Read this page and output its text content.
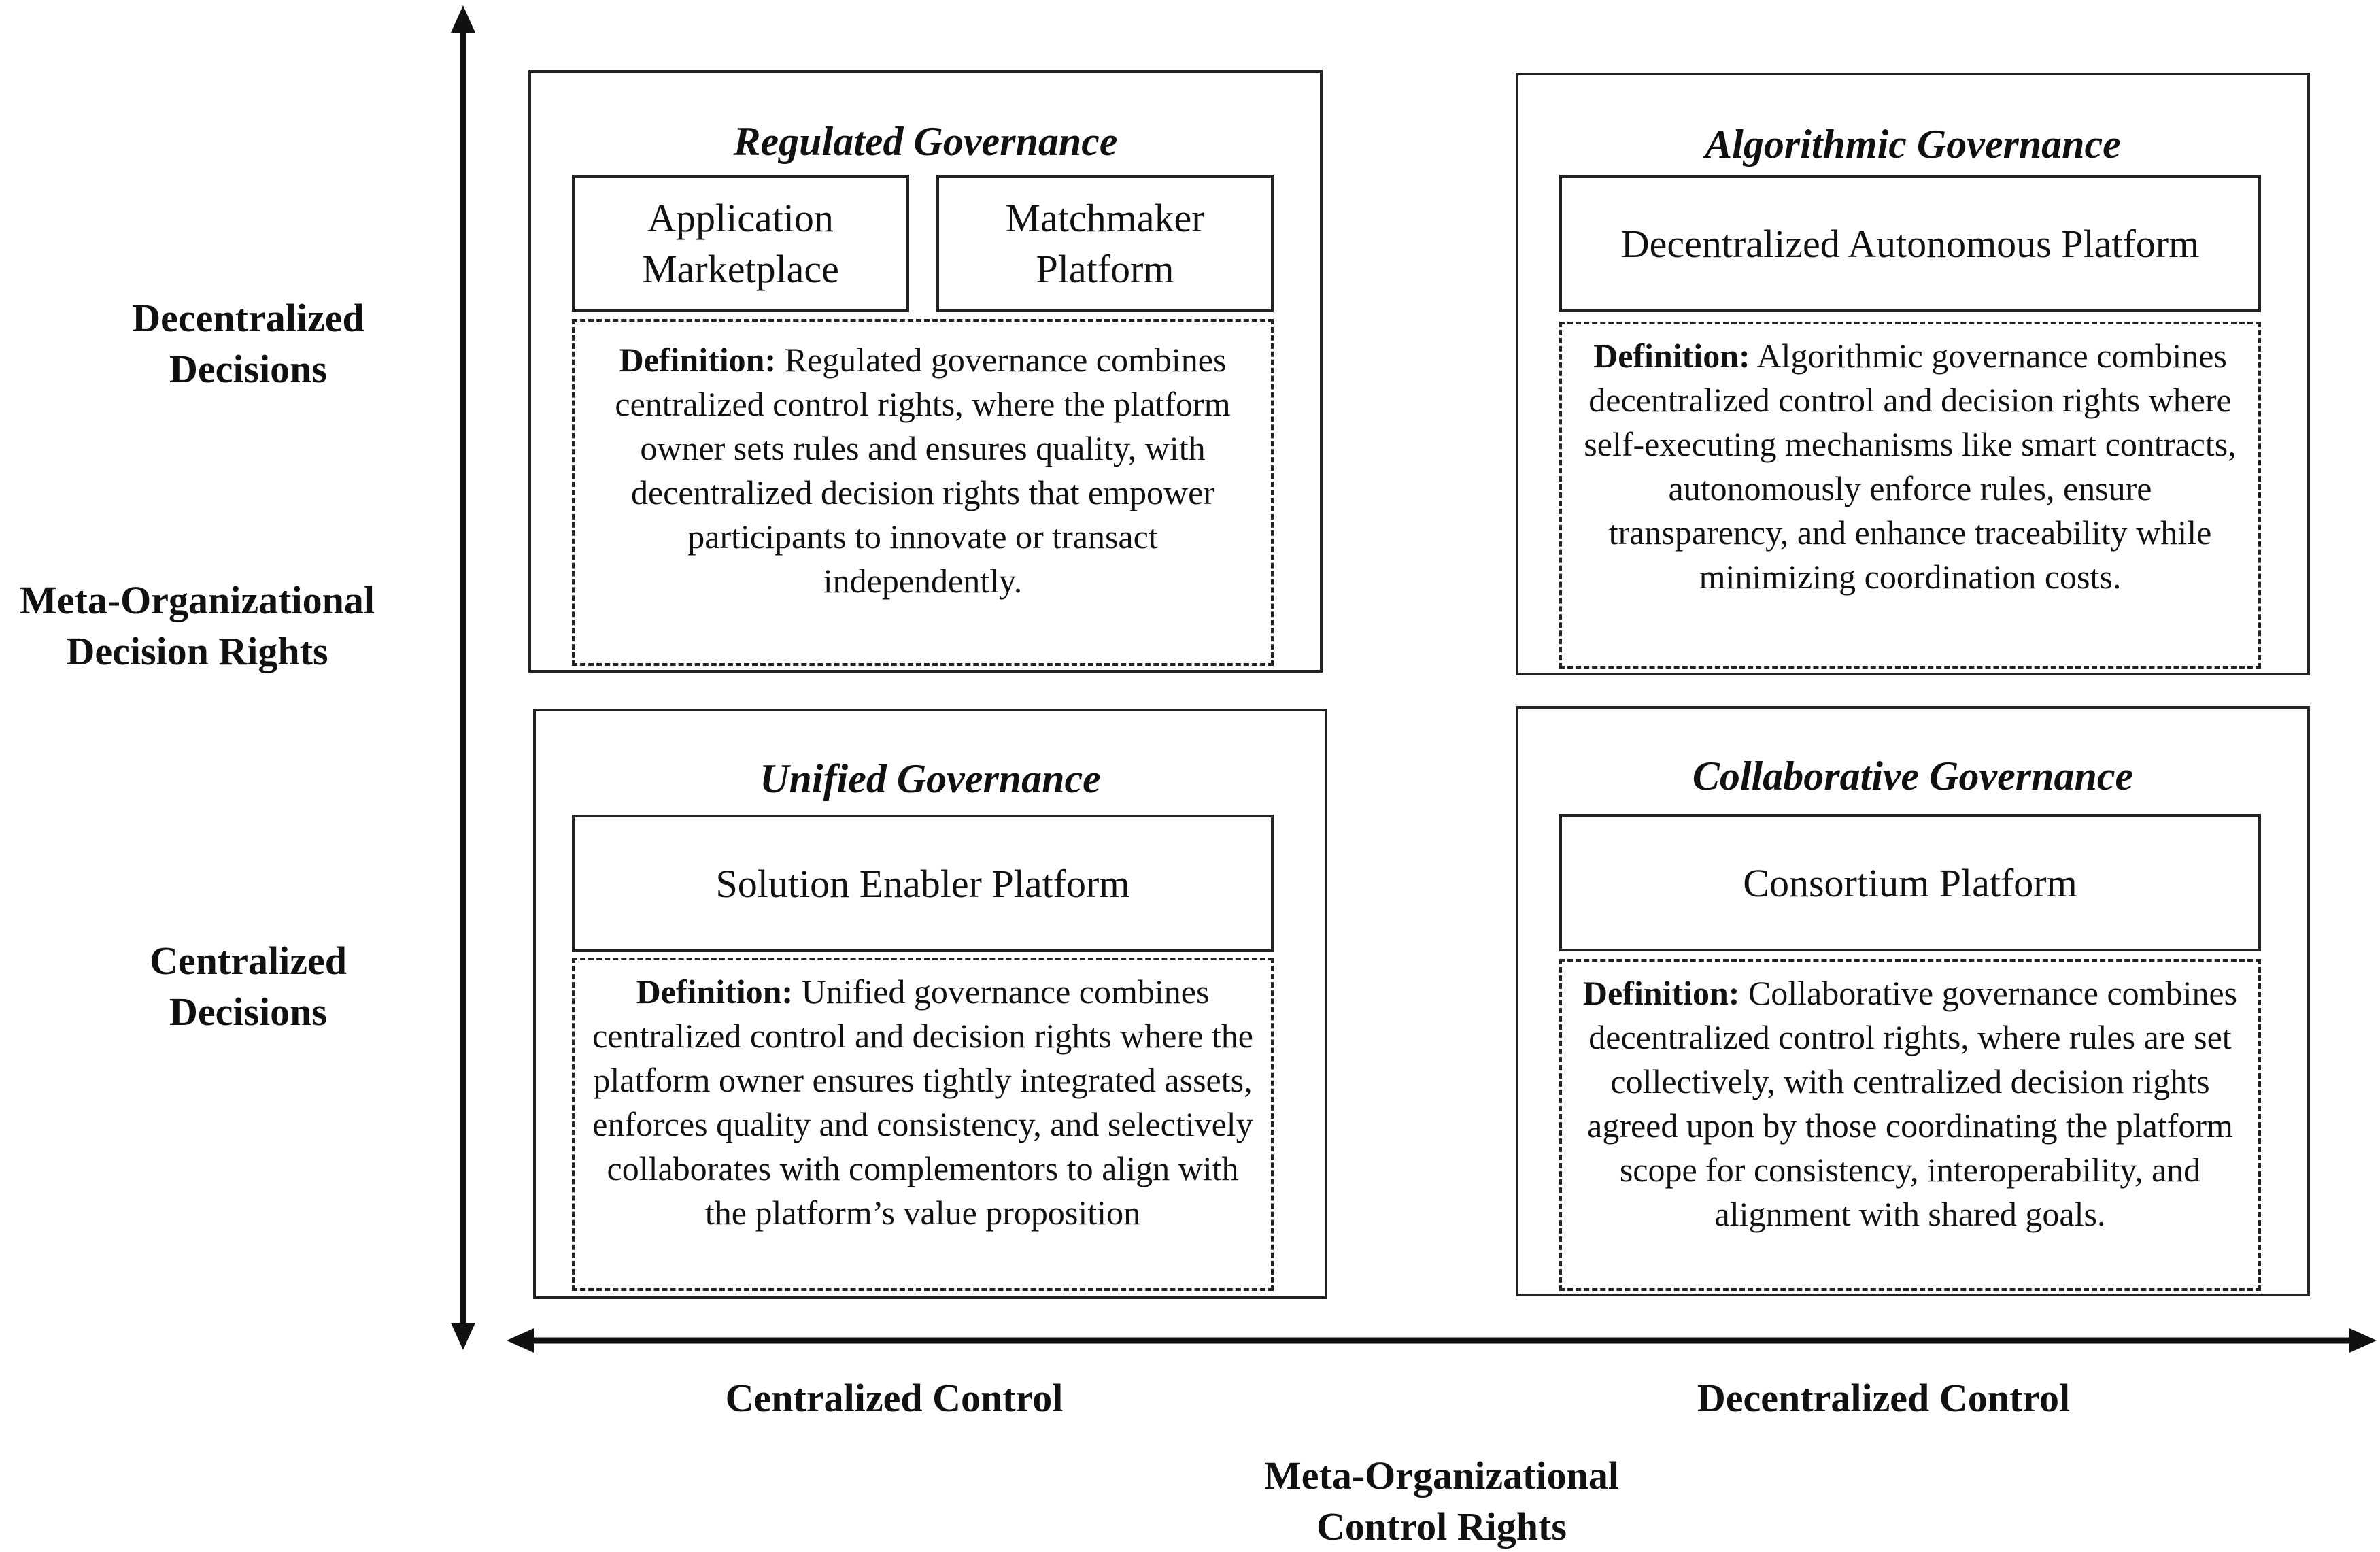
Decentralized
Decisions
Meta-Organizational
Decision Rights
Centralized
Decisions
Centralized Control	Decentralized Control
Meta-Organizational
Control Rights
Regulated Governance
Application
Marketplace
Matchmaker
Platform
Definition: Regulated governance combines centralized control rights, where the platform owner sets rules and ensures quality, with decentralized decision rights that empower participants to innovate or transact independently.
Algorithmic Governance
Decentralized Autonomous Platform
Definition: Algorithmic governance combines decentralized control and decision rights where self-executing mechanisms like smart contracts, autonomously enforce rules, ensure transparency, and enhance traceability while minimizing coordination costs.
Unified Governance
Solution Enabler Platform
Definition: Unified governance combines centralized control and decision rights where the platform owner ensures tightly integrated assets, enforces quality and consistency, and selectively collaborates with complementors to align with the platform’s value proposition
Collaborative Governance
Consortium Platform
Definition: Collaborative governance combines decentralized control rights, where rules are set collectively, with centralized decision rights agreed upon by those coordinating the platform scope for consistency, interoperability, and alignment with shared goals.
